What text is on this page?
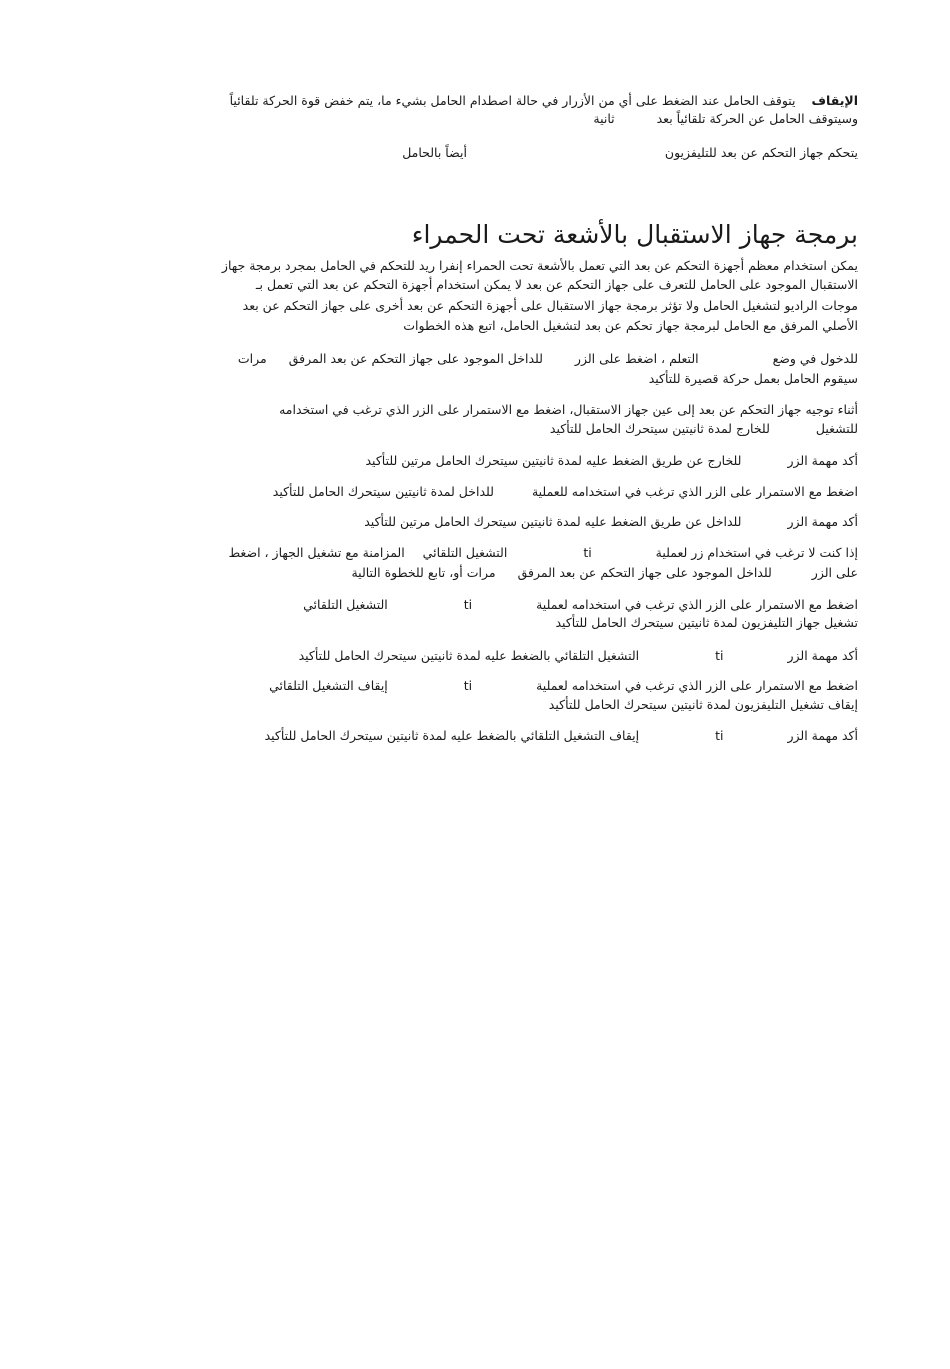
الإيقاف  يتوقف الحامل عند الضغط على أي من الأزرار في حالة اصطدام الحامل بشيء ما، يتم خفض قوة الحركة تلقائياً
وسيتوقف الحامل عن الحركة تلقائياً بعد  ثانية
يتحكم جهاز التحكم عن بعد للتليفزيون  أيضاً بالحامل
برمجة جهاز الاستقبال بالأشعة تحت الحمراء
يمكن استخدام معظم أجهزة التحكم عن بعد التي تعمل بالأشعة تحت الحمراء إنفرا ريد للتحكم في الحامل بمجرد برمجة جهاز
الاستقبال الموجود على الحامل للتعرف على جهاز التحكم عن بعد لا يمكن استخدام أجهزة التحكم عن بعد التي تعمل بـ
موجات الراديو لتشغيل الحامل ولا تؤثر برمجة جهاز الاستقبال على أجهزة التحكم عن بعد أخرى على جهاز التحكم عن بعد
الأصلي المرفق مع الحامل لبرمجة جهاز تحكم عن بعد لتشغيل الحامل، اتبع هذه الخطوات
للدخول في وضع  التعلم ، اضغط على الزر  للداخل الموجود على جهاز التحكم عن بعد المرفق  مرات
سيقوم الحامل بعمل حركة قصيرة للتأكيد
أثناء توجيه جهاز التحكم عن بعد إلى عين جهاز الاستقبال، اضغط مع الاستمرار على الزر الذي ترغب في استخدامه
للتشغيل  للخارج لمدة ثانيتين سيتحرك الحامل للتأكيد
أكد مهمة الزر  للخارج عن طريق الضغط عليه لمدة ثانيتين سيتحرك الحامل مرتين للتأكيد
اضغط مع الاستمرار على الزر الذي ترغب في استخدامه للعملية  للداخل لمدة ثانيتين سيتحرك الحامل للتأكيد
أكد مهمة الزر  للداخل عن طريق الضغط عليه لمدة ثانيتين سيتحرك الحامل مرتين للتأكيد
إذا كنت لا ترغب في استخدام زر لعملية  ti  التشغيل التلقائي  المزامنة مع تشغيل الجهاز ، اضغط
على الزر  للداخل الموجود على جهاز التحكم عن بعد المرفق  مرات أو، تابع للخطوة التالية
اضغط مع الاستمرار على الزر الذي ترغب في استخدامه لعملية  ti  التشغيل التلقائي
تشغيل جهاز التليفزيون لمدة ثانيتين سيتحرك الحامل للتأكيد
أكد مهمة الزر  ti  التشغيل التلقائي بالضغط عليه لمدة ثانيتين سيتحرك الحامل للتأكيد
اضغط مع الاستمرار على الزر الذي ترغب في استخدامه لعملية  ti  إيقاف التشغيل التلقائي
إيقاف تشغيل التليفزيون لمدة ثانيتين سيتحرك الحامل للتأكيد
أكد مهمة الزر  ti  إيقاف التشغيل التلقائي بالضغط عليه لمدة ثانيتين سيتحرك الحامل للتأكيد
